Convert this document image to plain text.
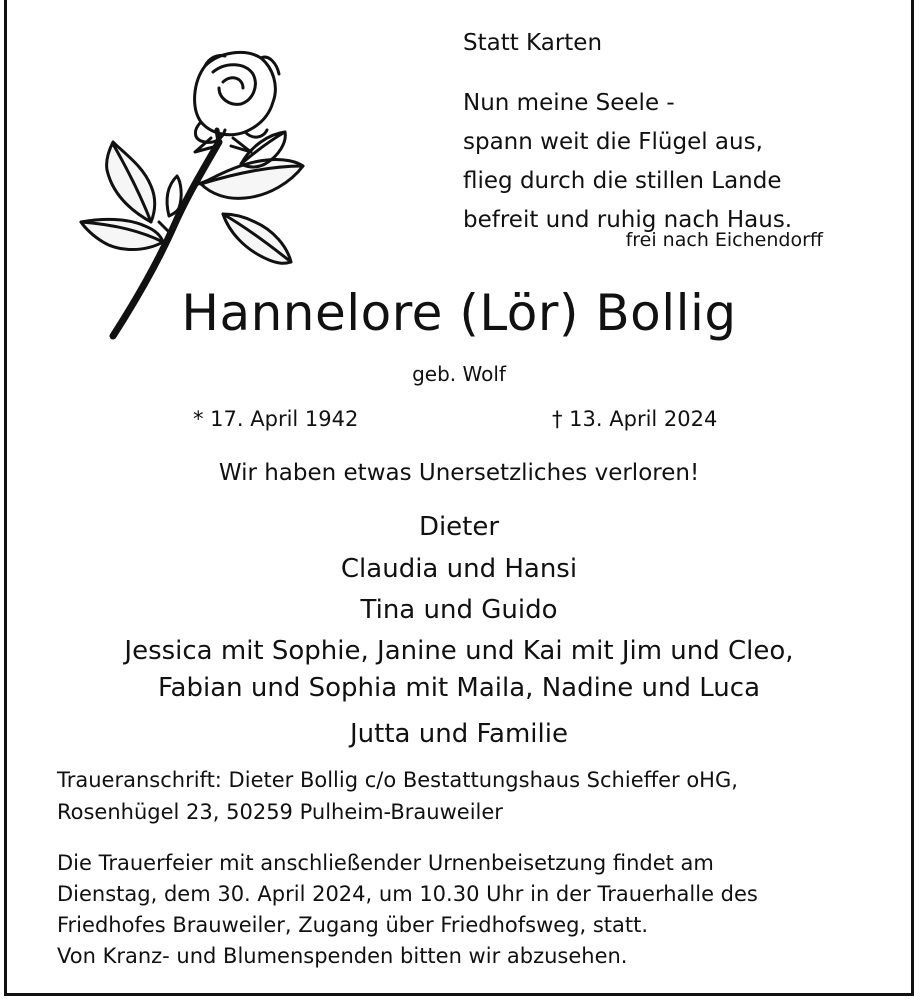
Statt Karten
Nun meine Seele -
spann weit die Flügel aus,
flieg durch die stillen Lande
befreit und ruhig nach Haus.
frei nach Eichendorff
Hannelore (Lör) Bollig
geb. Wolf
* 17. April 1942	† 13. April 2024
Wir haben etwas Unersetzliches verloren!
Dieter
Claudia und Hansi
Tina und Guido
Jessica mit Sophie, Janine und Kai mit Jim und Cleo,
Fabian und Sophia mit Maila, Nadine und Luca
Jutta und Familie
Traueranschrift: Dieter Bollig c/o Bestattungshaus Schieffer oHG,
Rosenhügel 23, 50259 Pulheim-Brauweiler
Die Trauerfeier mit anschließender Urnenbeisetzung findet am
Dienstag, dem 30. April 2024, um 10.30 Uhr in der Trauerhalle des
Friedhofes Brauweiler, Zugang über Friedhofsweg, statt.
Von Kranz- und Blumenspenden bitten wir abzusehen.
